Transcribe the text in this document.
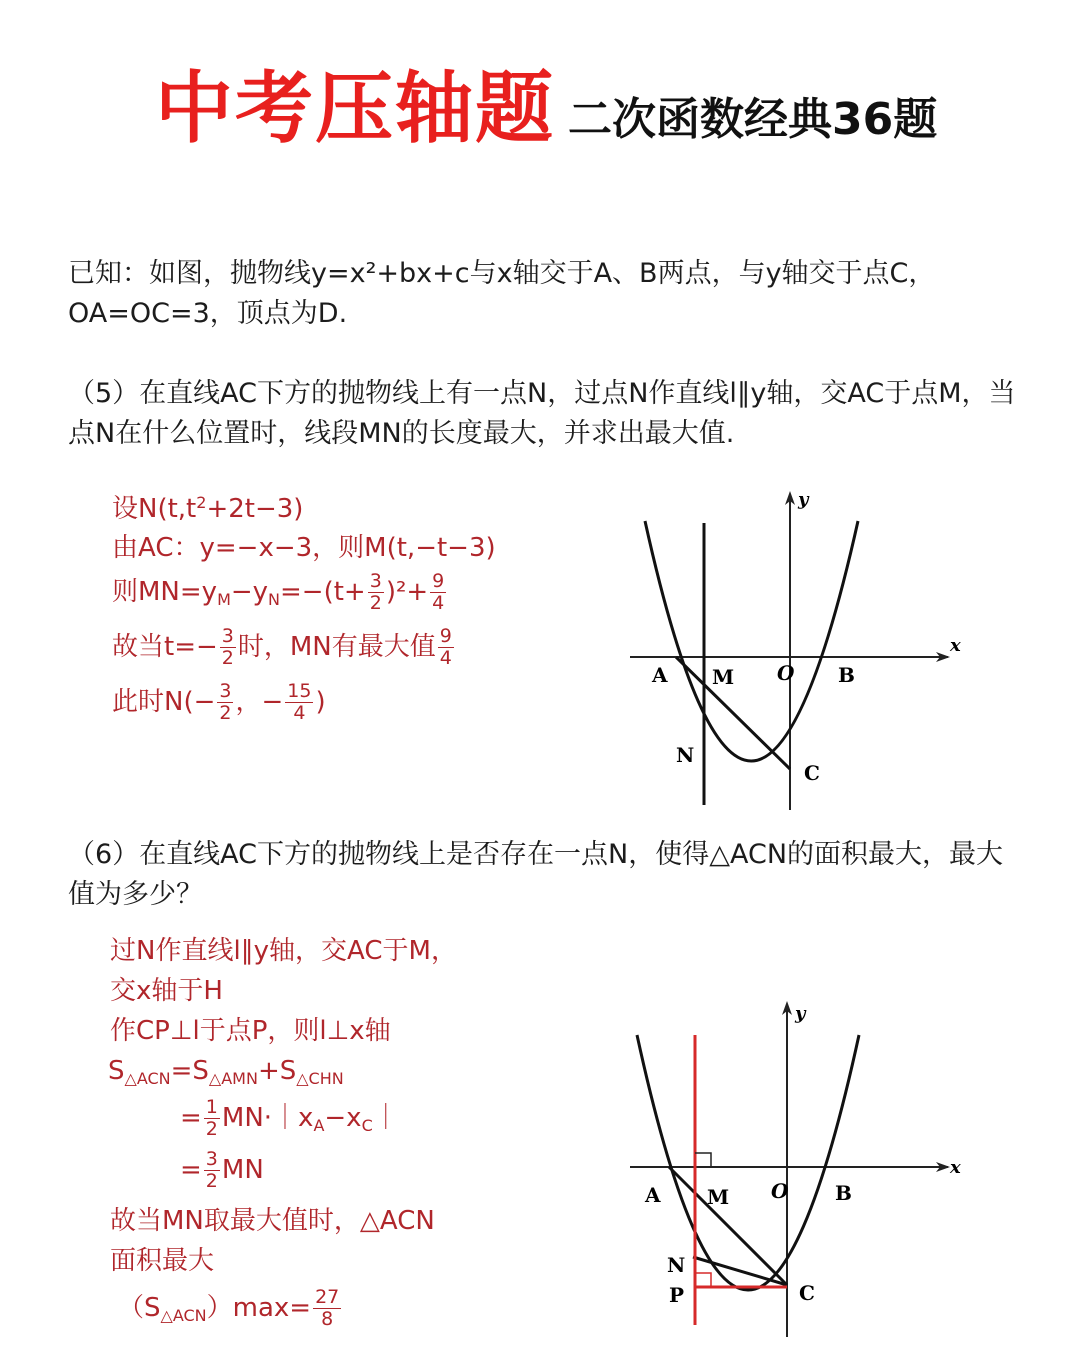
中考压轴题 二次函数经典36题

已知：如图，抛物线y=x²+bx+c与x轴交于A、B两点，与y轴交于点C，

OA=OC=3，顶点为D.

（5）在直线AC下方的抛物线上有一点N，过点N作直线l∥y轴，交AC于点M，当点N在什么位置时，线段MN的长度最大，并求出最大值.

设N(t,t2+2t−3)
由AC：y=−x−3，则M(t,−t−3)
则$MN=yM-yN=-(t+ \frac{3}{2} )^2+ \frac{9}{4}$
故当$t=- \frac{3}{2}$ 时，MN有最大值 $\frac{9}{4}$
此时$N(- \frac{3}{2}$ ，− $\frac{15}{4}$ )
y
x
A M O B
N
C

（6）在直线AC下方的抛物线上是否存在一点N，使得△ACN的面积最大，最大值为多少？

过N作直线l∥y轴，交AC于M，
交x轴于H
作CP⊥l于点P，则l⊥x轴
S△ACN=S△AMN+S△CHN
= $\frac{1}{2}$ MN·｜xA−xC｜
= $\frac{3}{2}$ MN
故当MN取最大值时，△ACN
面积最大
（S△ACN）max= $\frac{27}{8}$
y
x
A M O B
N
P	C
